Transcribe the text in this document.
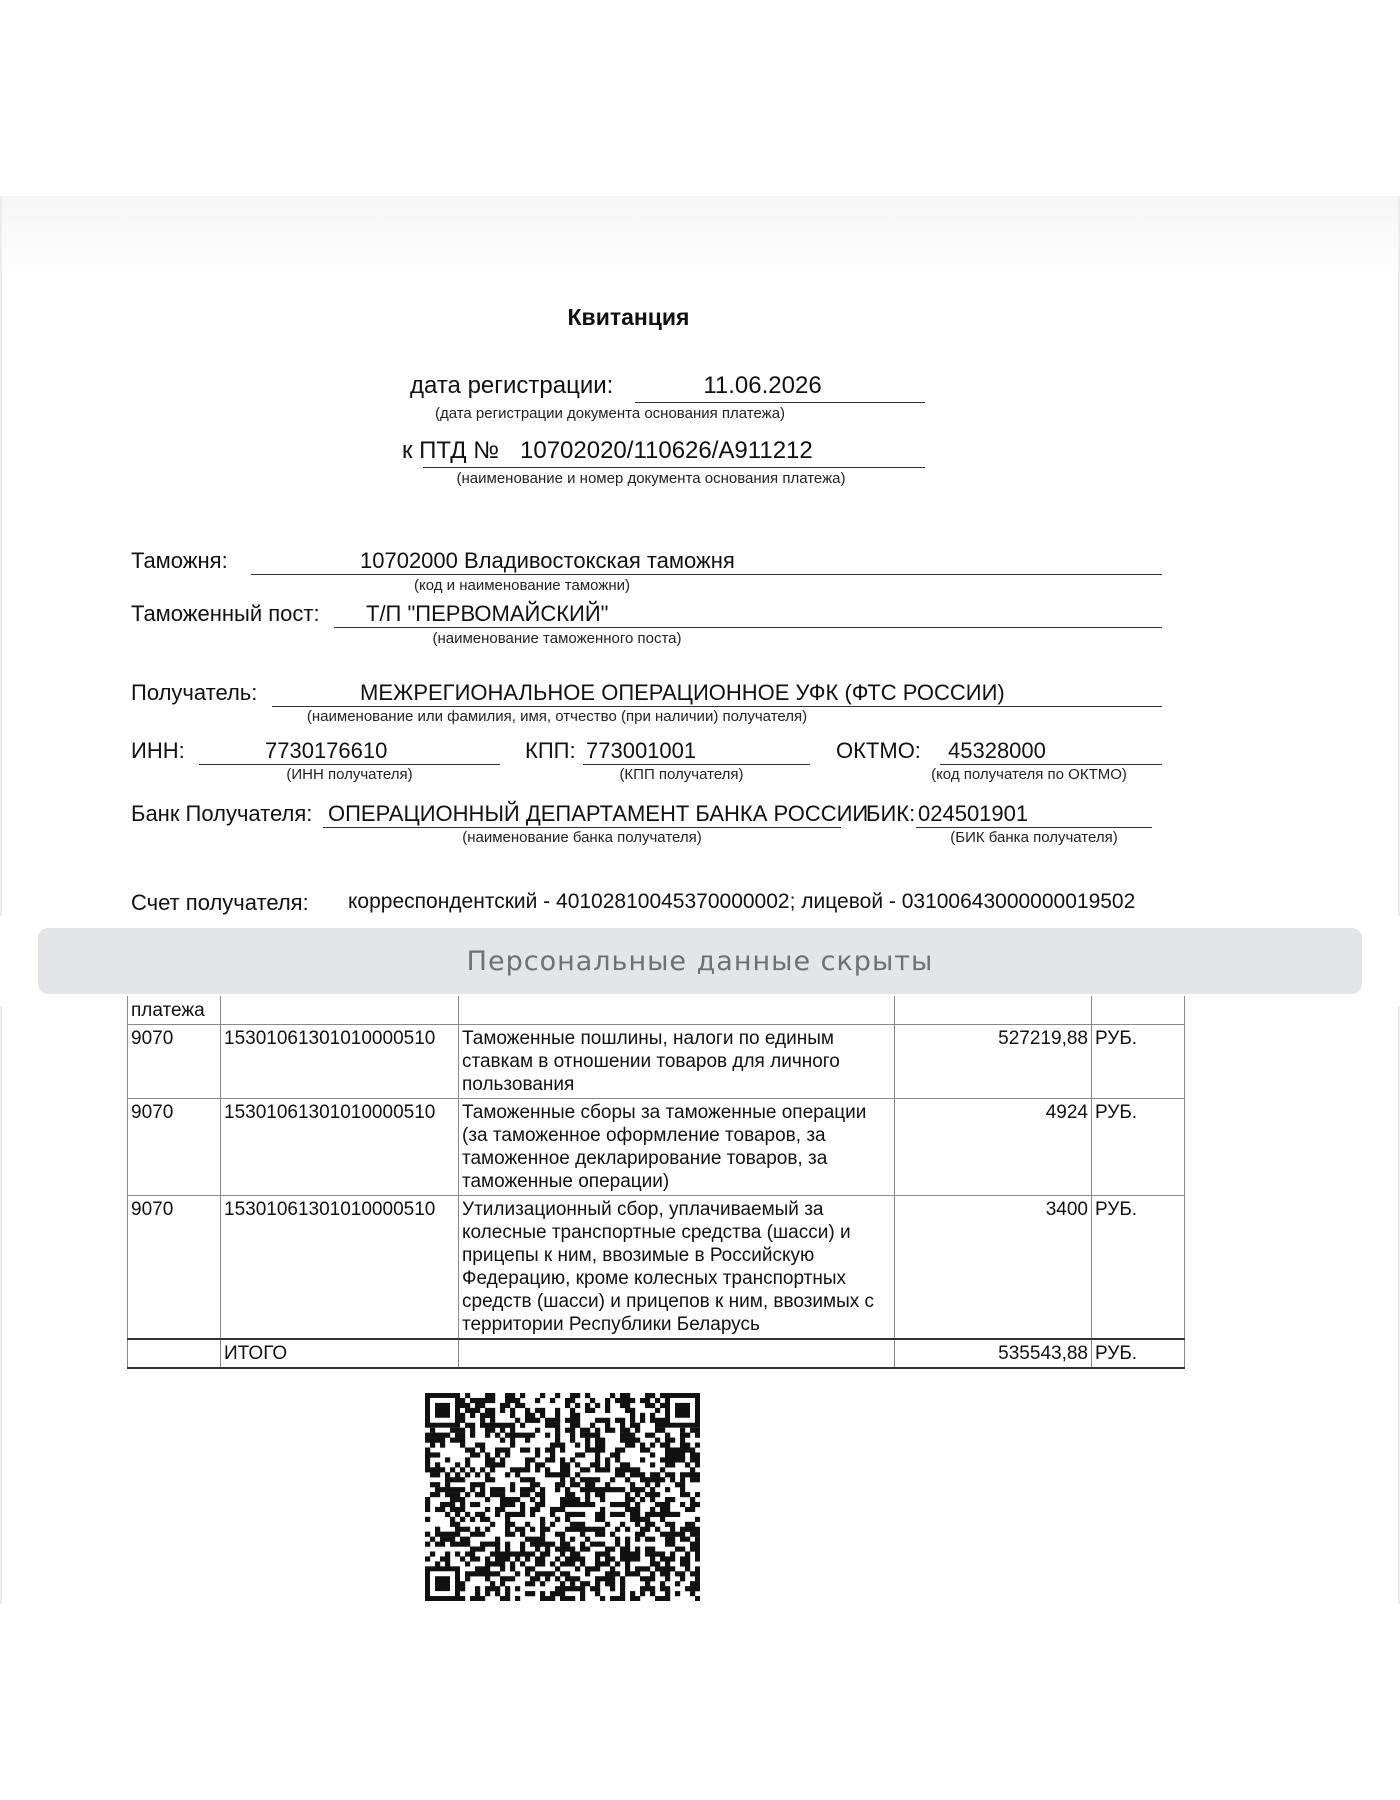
Квитанция
дата регистрации:	11.06.2026
(дата регистрации документа основания платежа)
к ПТД № 10702020/110626/А911212
(наименование и номер документа основания платежа)
Таможня:	10702000 Владивостокская таможня
(код и наименование таможни)
Таможенный пост: Т/П "ПЕРВОМАЙСКИЙ"
(наименование таможенного поста)
Получатель:	МЕЖРЕГИОНАЛЬНОЕ ОПЕРАЦИОННОЕ УФК (ФТС РОССИИ)
(наименование или фамилия, имя, отчество (при наличии) получателя)
ИНН:	7730176610
(ИНН получателя)
КПП: 773001001
(КПП получателя)
ОКТМО: 45328000
(код получателя по ОКТМО)
Банк Получателя: ОПЕРАЦИОННЫЙ ДЕПАРТАМЕНТ БАНКА РОССИИ
(наименование банка получателя)
БИК: 024501901
(БИК банка получателя)
Счет получателя: корреспондентский - 40102810045370000002; лицевой - 03100643000000019502
Персональные данные скрыты
платежа				
9070	15301061301010000510	Таможенные пошлины, налоги по единым ставкам в отношении товаров для личного пользования	527219,88	РУБ.
9070	15301061301010000510	Таможенные сборы за таможенные операции (за таможенное оформление товаров, за таможенное декларирование товаров, за таможенные операции)	4924	РУБ.
9070	15301061301010000510	Утилизационный сбор, уплачиваемый за колесные транспортные средства (шасси) и прицепы к ним, ввозимые в Российскую Федерацию, кроме колесных транспортных средств (шасси) и прицепов к ним, ввозимых с территории Республики Беларусь	3400	РУБ.
	ИТОГО		535543,88	РУБ.
